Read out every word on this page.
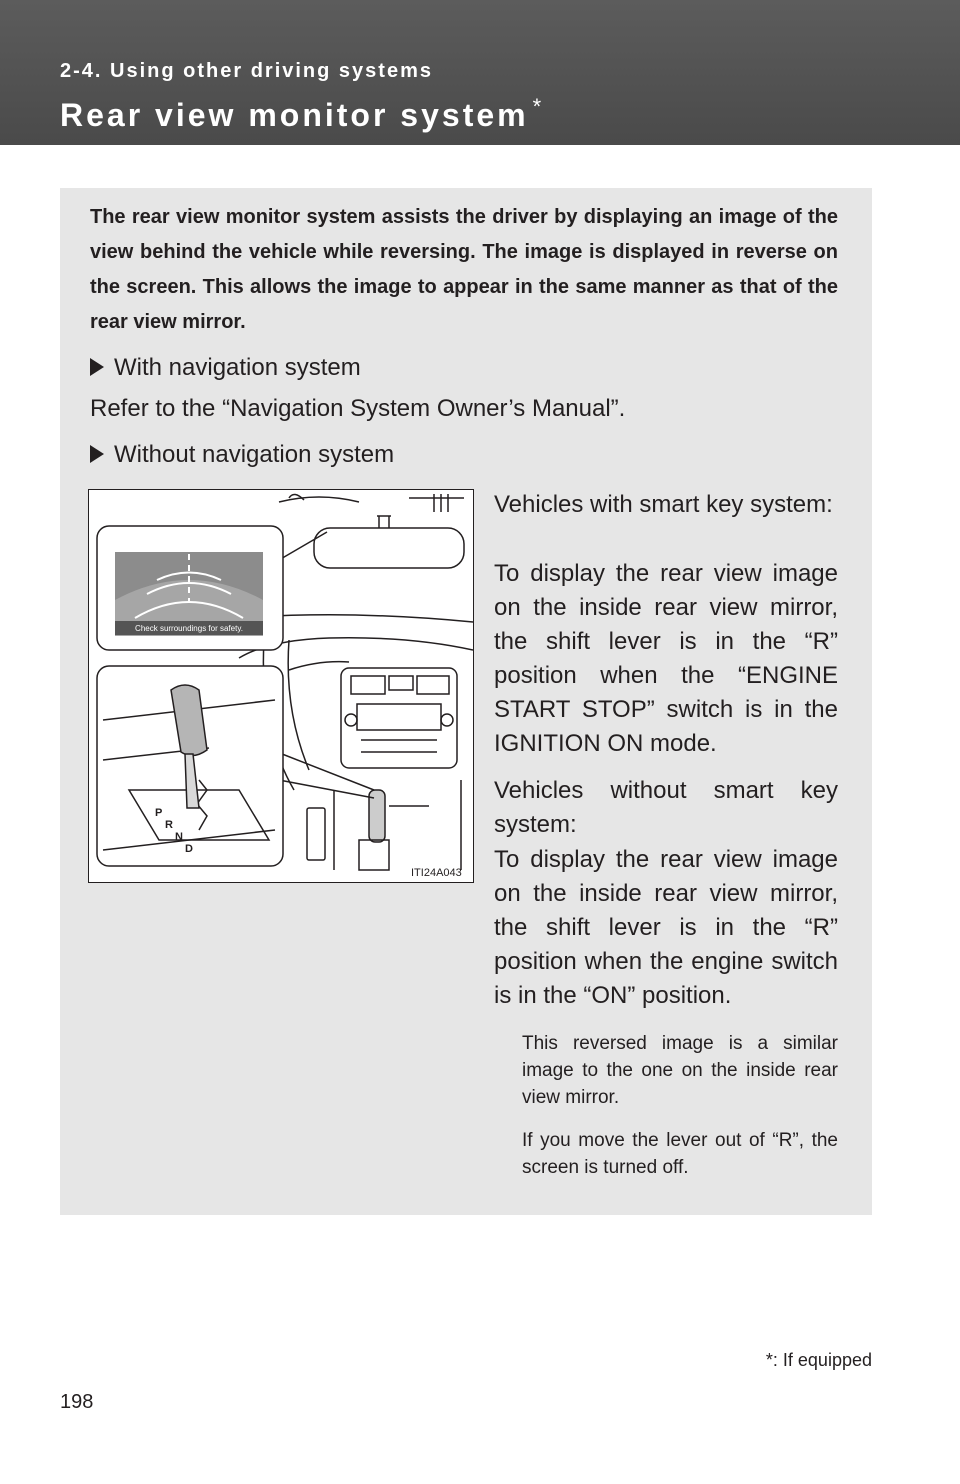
2-4. Using other driving systems
Rear view monitor system *
The rear view monitor system assists the driver by displaying an image of the view behind the vehicle while reversing. The image is displayed in reverse on the screen. This allows the image to appear in the same manner as that of the rear view mirror.
With navigation system
Refer to the “Navigation System Owner’s Manual”.
Without navigation system
Check surroundings for safety.
P
R
N
D
ITI24A043
Vehicles with smart key system:
To display the rear view image on the inside rear view mirror, the shift lever is in the “R” position when the “ENGINE START STOP” switch is in the IGNITION ON mode.
Vehicles without smart key system:
To display the rear view image on the inside rear view mirror, the shift lever is in the “R” position when the engine switch is in the “ON” position.
This reversed image is a similar image to the one on the inside rear view mirror.
If you move the lever out of “R”, the screen is turned off.
*: If equipped
198
